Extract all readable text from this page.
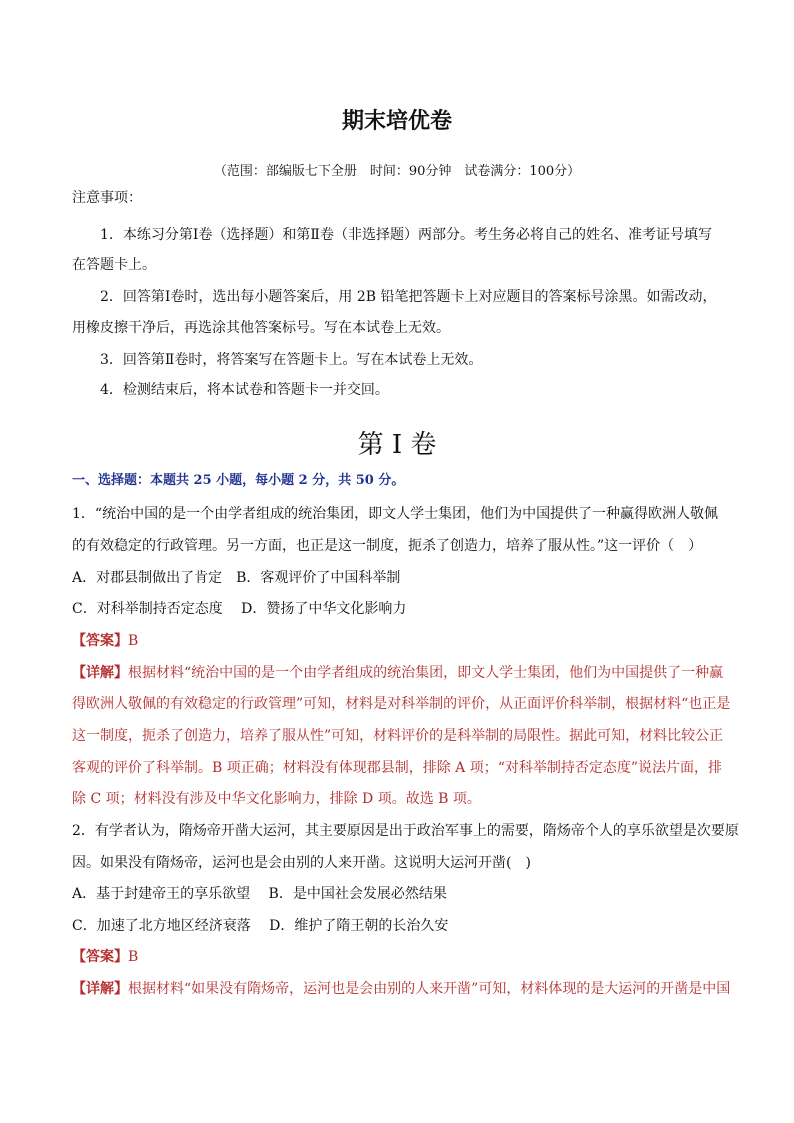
期末培优卷
（范围：部编版七下全册　时间：90分钟　试卷满分：100分）
注意事项：
1．本练习分第Ⅰ卷（选择题）和第Ⅱ卷（非选择题）两部分。考生务必将自己的姓名、准考证号填写
在答题卡上。
2．回答第Ⅰ卷时，选出每小题答案后，用 2B 铅笔把答题卡上对应题目的答案标号涂黑。如需改动，
用橡皮擦干净后，再选涂其他答案标号。写在本试卷上无效。
3．回答第Ⅱ卷时，将答案写在答题卡上。写在本试卷上无效。
4．检测结束后，将本试卷和答题卡一并交回。
第 I 卷
一、选择题：本题共 25 小题，每小题 2 分，共 50 分。
1．“统治中国的是一个由学者组成的统治集团，即文人学士集团，他们为中国提供了一种赢得欧洲人敬佩
的有效稳定的行政管理。另一方面，也正是这一制度，扼杀了创造力，培养了服从性。”这一评价（　）
A．对郡县制做出了肯定　B．客观评价了中国科举制
C．对科举制持否定态度　 D．赞扬了中华文化影响力
【答案】B
【详解】根据材料“统治中国的是一个由学者组成的统治集团，即文人学士集团，他们为中国提供了一种赢
得欧洲人敬佩的有效稳定的行政管理”可知，材料是对科举制的评价，从正面评价科举制，根据材料“也正是
这一制度，扼杀了创造力，培养了服从性”可知，材料评价的是科举制的局限性。据此可知，材料比较公正
客观的评价了科举制。B 项正确；材料没有体现郡县制，排除 A 项；“对科举制持否定态度”说法片面，排
除 C 项；材料没有涉及中华文化影响力，排除 D 项。故选 B 项。
2．有学者认为，隋炀帝开凿大运河，其主要原因是出于政治军事上的需要，隋炀帝个人的享乐欲望是次要原
因。如果没有隋炀帝，运河也是会由别的人来开凿。这说明大运河开凿(　)
A．基于封建帝王的享乐欲望　 B．是中国社会发展必然结果
C．加速了北方地区经济衰落　 D．维护了隋王朝的长治久安
【答案】B
【详解】根据材料“如果没有隋炀帝，运河也是会由别的人来开凿”可知，材料体现的是大运河的开凿是中国
